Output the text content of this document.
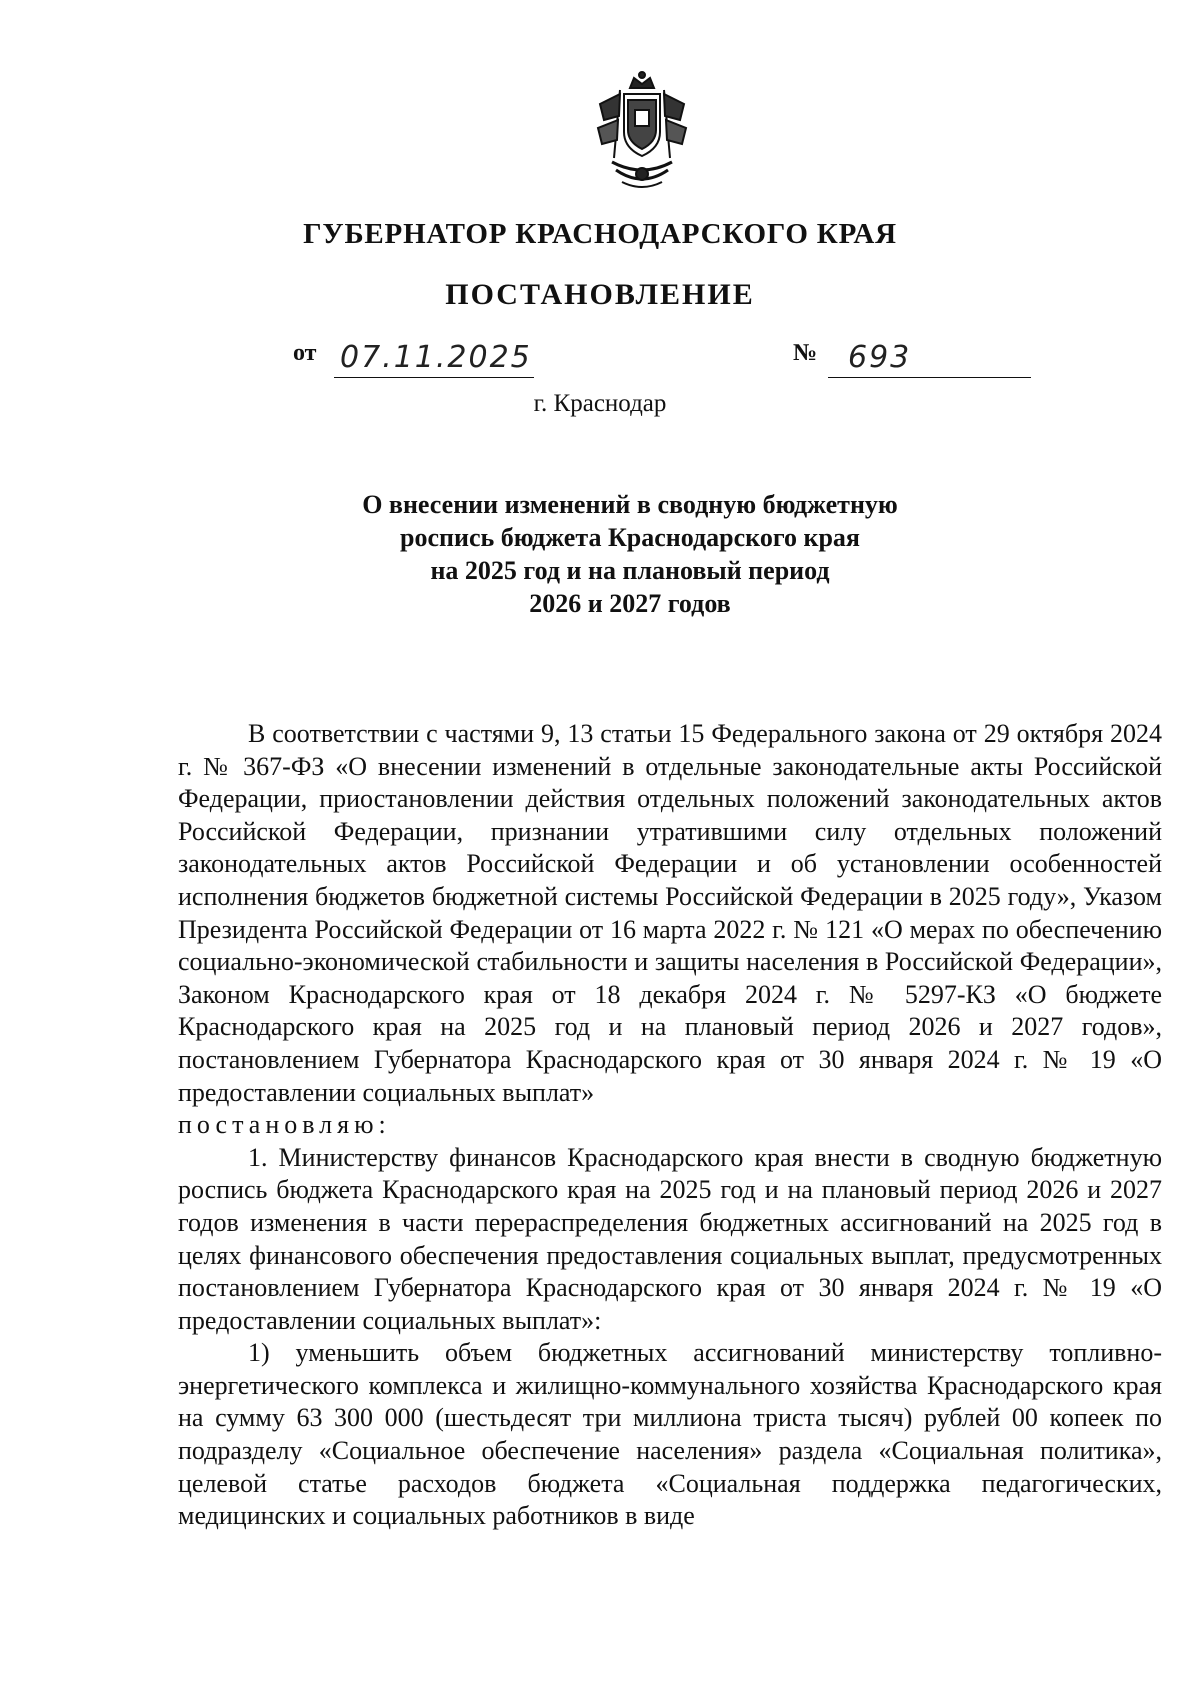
ГУБЕРНАТОР КРАСНОДАРСКОГО КРАЯ
ПОСТАНОВЛЕНИЕ
от 07.11.2025	№	693
г. Краснодар
О внесении изменений в сводную бюджетную
роспись бюджета Краснодарского края
на 2025 год и на плановый период
2026 и 2027 годов

В соответствии с частями 9, 13 статьи 15 Федерального закона от 29 октября 2024 г. № 367-ФЗ «О внесении изменений в отдельные законодательные акты Российской Федерации, приостановлении действия отдельных положений законодательных актов Российской Федерации, признании утратившими силу отдельных положений законодательных актов Российской Федерации и об установлении особенностей исполнения бюджетов бюджетной системы Российской Федерации в 2025 году», Указом Президента Российской Федерации от 16 марта 2022 г. № 121 «О мерах по обеспечению социально-экономической стабильности и защиты населения в Российской Федерации», Законом Краснодарского края от 18 декабря 2024 г. № 5297-КЗ «О бюджете Краснодарского края на 2025 год и на плановый период 2026 и 2027 годов», постановлением Губернатора Краснодарского края от 30 января 2024 г. № 19 «О предоставлении социальных выплат»

постановляю:

1. Министерству финансов Краснодарского края внести в сводную бюджетную роспись бюджета Краснодарского края на 2025 год и на плановый период 2026 и 2027 годов изменения в части перераспределения бюджетных ассигнований на 2025 год в целях финансового обеспечения предоставления социальных выплат, предусмотренных постановлением Губернатора Краснодарского края от 30 января 2024 г. № 19 «О предоставлении социальных выплат»:

1) уменьшить объем бюджетных ассигнований министерству топливно-энергетического комплекса и жилищно-коммунального хозяйства Краснодарского края на сумму 63 300 000 (шестьдесят три миллиона триста тысяч) рублей 00 копеек по подразделу «Социальное обеспечение населения» раздела «Социальная политика», целевой статье расходов бюджета «Социальная поддержка педагогических, медицинских и социальных работников в виде
